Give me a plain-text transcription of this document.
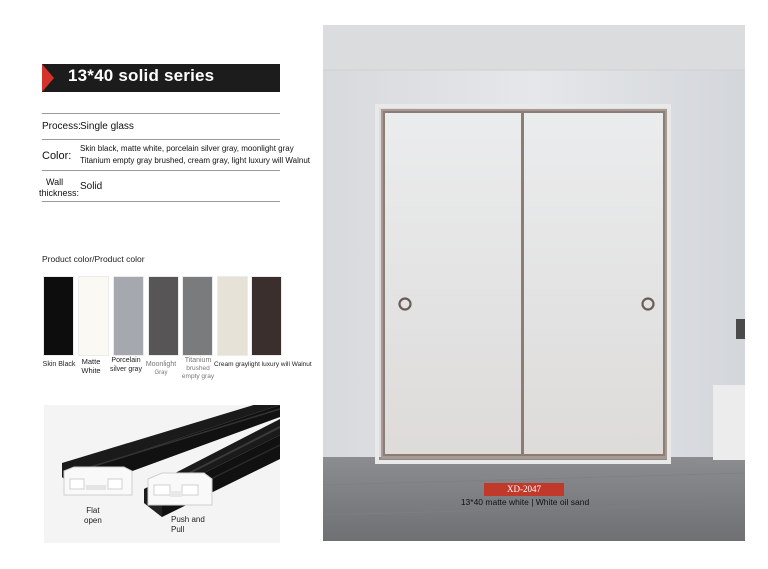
13*40 solid series
Process: Single glass
Color:
Skin black, matte white, porcelain silver gray, moonlight gray
Titanium empty gray brushed, cream gray, light luxury will Walnut
Wall
thickness:
Solid
Product color/Product color
Skin Black Matte
White
Porcelain
silver gray
Moonlight
Gray
Titanium
brushed
empty gray
Cream gray light luxury will Walnut
Flat
open	Push and
Pull
XD-2047
13*40 matte white | White oil sand
